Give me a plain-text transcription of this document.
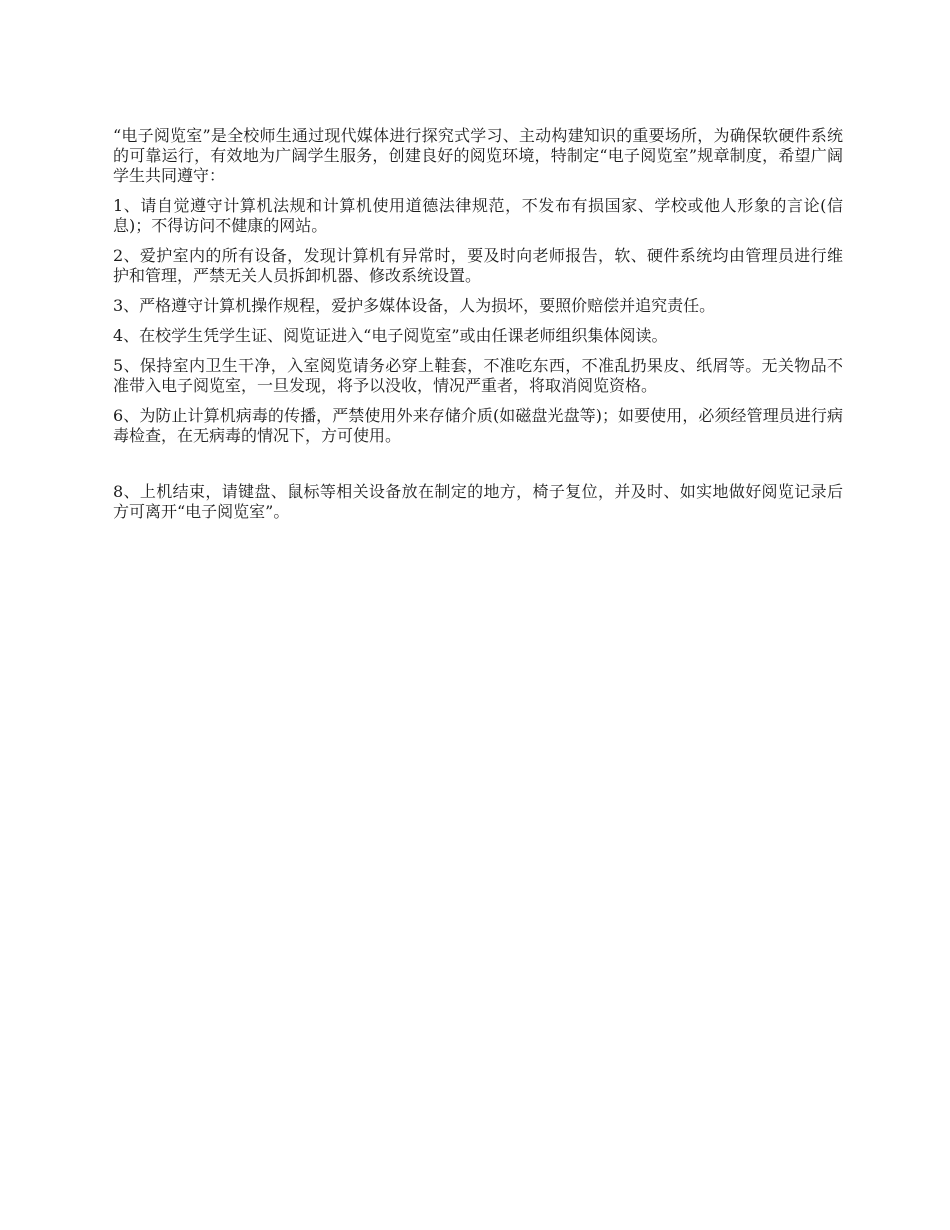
“电子阅览室”是全校师生通过现代媒体进行探究式学习、主动构建知识的重要场所，为确保软硬件系统的可靠运行，有效地为广阔学生服务，创建良好的阅览环境，特制定“电子阅览室”规章制度，希望广阔学生共同遵守：

1、请自觉遵守计算机法规和计算机使用道德法律规范，不发布有损国家、学校或他人形象的言论(信息)；不得访问不健康的网站。

2、爱护室内的所有设备，发现计算机有异常时，要及时向老师报告，软、硬件系统均由管理员进行维护和管理，严禁无关人员拆卸机器、修改系统设置。

3、严格遵守计算机操作规程，爱护多媒体设备，人为损坏，要照价赔偿并追究责任。

4、在校学生凭学生证、阅览证进入“电子阅览室”或由任课老师组织集体阅读。

5、保持室内卫生干净，入室阅览请务必穿上鞋套，不准吃东西，不准乱扔果皮、纸屑等。无关物品不准带入电子阅览室，一旦发现，将予以没收，情况严重者，将取消阅览资格。

6、为防止计算机病毒的传播，严禁使用外来存储介质(如磁盘光盘等)；如要使用，必须经管理员进行病毒检查，在无病毒的情况下，方可使用。

8、上机结束，请键盘、鼠标等相关设备放在制定的地方，椅子复位，并及时、如实地做好阅览记录后方可离开“电子阅览室”。
